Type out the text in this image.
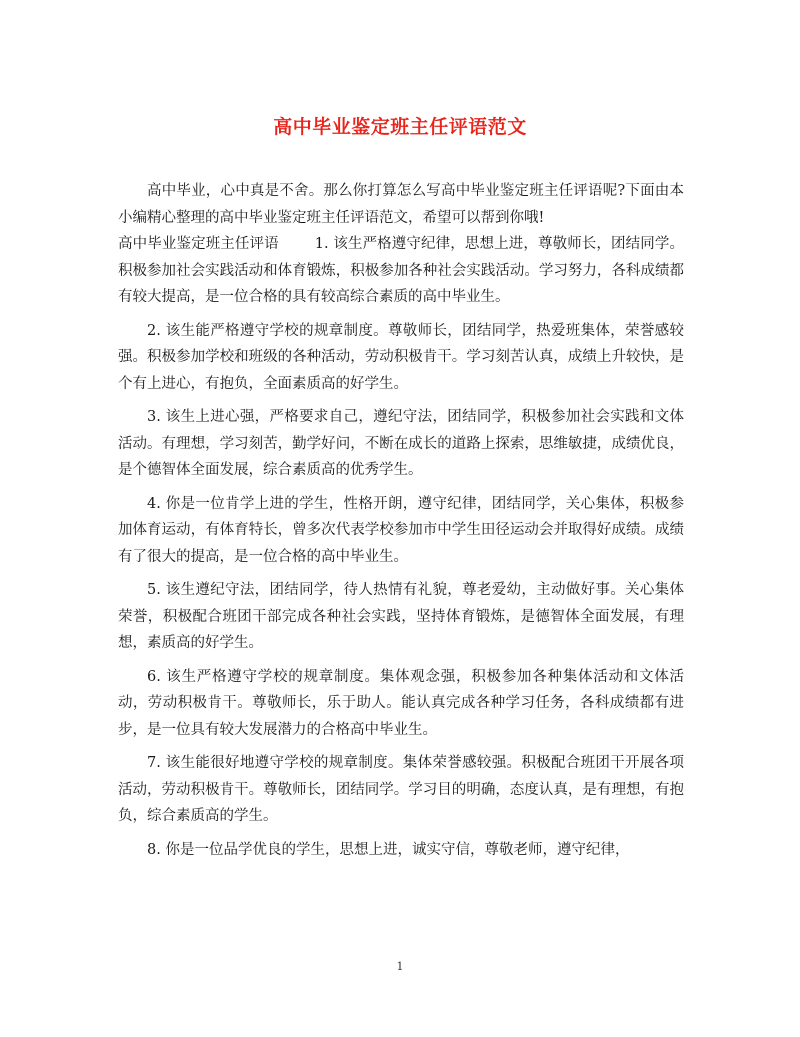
高中毕业鉴定班主任评语范文

高中毕业，心中真是不舍。那么你打算怎么写高中毕业鉴定班主任评语呢?下面由本小编精心整理的高中毕业鉴定班主任评语范文，希望可以帮到你哦!

高中毕业鉴定班主任评语 1. 该生严格遵守纪律，思想上进，尊敬师长，团结同学。积极参加社会实践活动和体育锻炼，积极参加各种社会实践活动。学习努力，各科成绩都有较大提高，是一位合格的具有较高综合素质的高中毕业生。

2. 该生能严格遵守学校的规章制度。尊敬师长，团结同学，热爱班集体，荣誉感较强。积极参加学校和班级的各种活动，劳动积极肯干。学习刻苦认真，成绩上升较快，是个有上进心，有抱负，全面素质高的好学生。

3. 该生上进心强，严格要求自己，遵纪守法，团结同学，积极参加社会实践和文体活动。有理想，学习刻苦，勤学好问，不断在成长的道路上探索，思维敏捷，成绩优良，是个德智体全面发展，综合素质高的优秀学生。

4. 你是一位肯学上进的学生，性格开朗，遵守纪律，团结同学，关心集体，积极参加体育运动，有体育特长，曾多次代表学校参加市中学生田径运动会并取得好成绩。成绩有了很大的提高，是一位合格的高中毕业生。

5. 该生遵纪守法，团结同学，待人热情有礼貌，尊老爱幼，主动做好事。关心集体荣誉，积极配合班团干部完成各种社会实践，坚持体育锻炼，是德智体全面发展，有理想，素质高的好学生。

6. 该生严格遵守学校的规章制度。集体观念强，积极参加各种集体活动和文体活动，劳动积极肯干。尊敬师长，乐于助人。能认真完成各种学习任务，各科成绩都有进步，是一位具有较大发展潜力的合格高中毕业生。

7. 该生能很好地遵守学校的规章制度。集体荣誉感较强。积极配合班团干开展各项活动，劳动积极肯干。尊敬师长，团结同学。学习目的明确，态度认真，是有理想，有抱负，综合素质高的学生。

8. 你是一位品学优良的学生，思想上进，诚实守信，尊敬老师，遵守纪律，

1
